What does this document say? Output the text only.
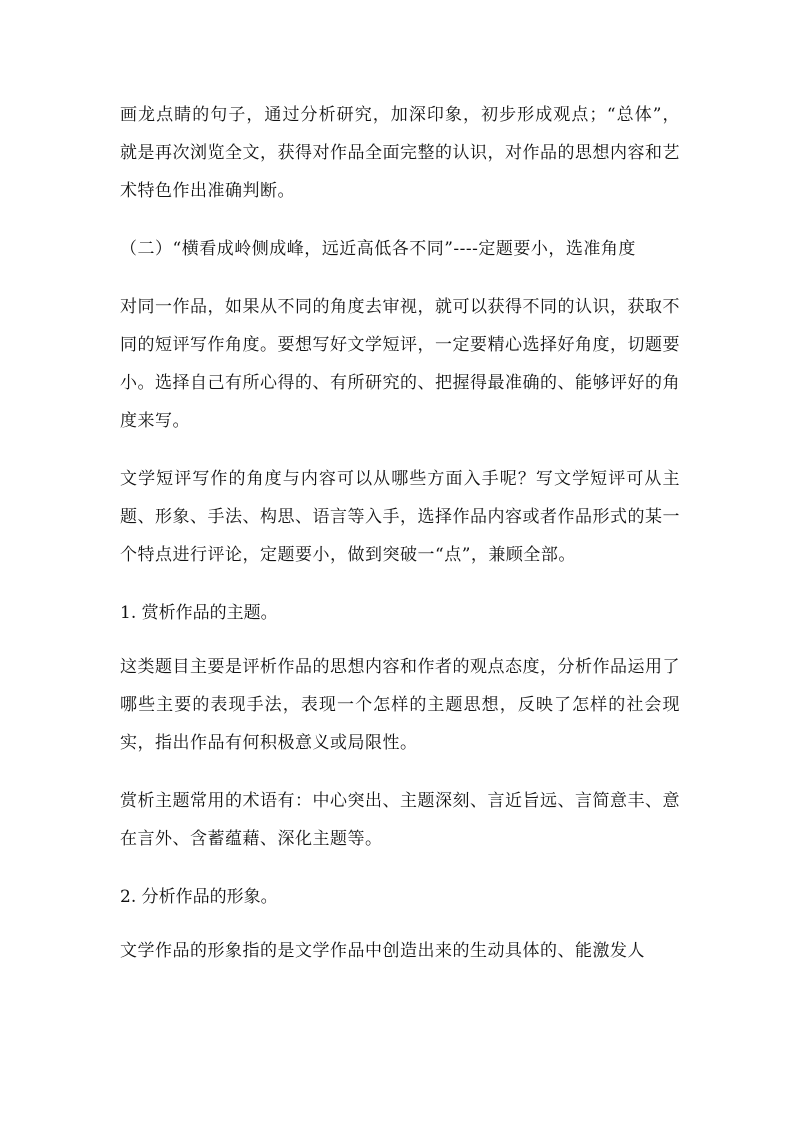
画龙点睛的句子，通过分析研究，加深印象，初步形成观点；“总体”，就是再次浏览全文，获得对作品全面完整的认识，对作品的思想内容和艺术特色作出准确判断。

（二）“横看成岭侧成峰，远近高低各不同”----定题要小，选准角度

对同一作品，如果从不同的角度去审视，就可以获得不同的认识，获取不同的短评写作角度。要想写好文学短评，一定要精心选择好角度，切题要小。选择自己有所心得的、有所研究的、把握得最准确的、能够评好的角度来写。

文学短评写作的角度与内容可以从哪些方面入手呢？写文学短评可从主题、形象、手法、构思、语言等入手，选择作品内容或者作品形式的某一个特点进行评论，定题要小，做到突破一“点”，兼顾全部。

1. 赏析作品的主题。

这类题目主要是评析作品的思想内容和作者的观点态度，分析作品运用了哪些主要的表现手法，表现一个怎样的主题思想，反映了怎样的社会现实，指出作品有何积极意义或局限性。

赏析主题常用的术语有：中心突出、主题深刻、言近旨远、言简意丰、意在言外、含蓄蕴藉、深化主题等。

2. 分析作品的形象。

文学作品的形象指的是文学作品中创造出来的生动具体的、能激发人
